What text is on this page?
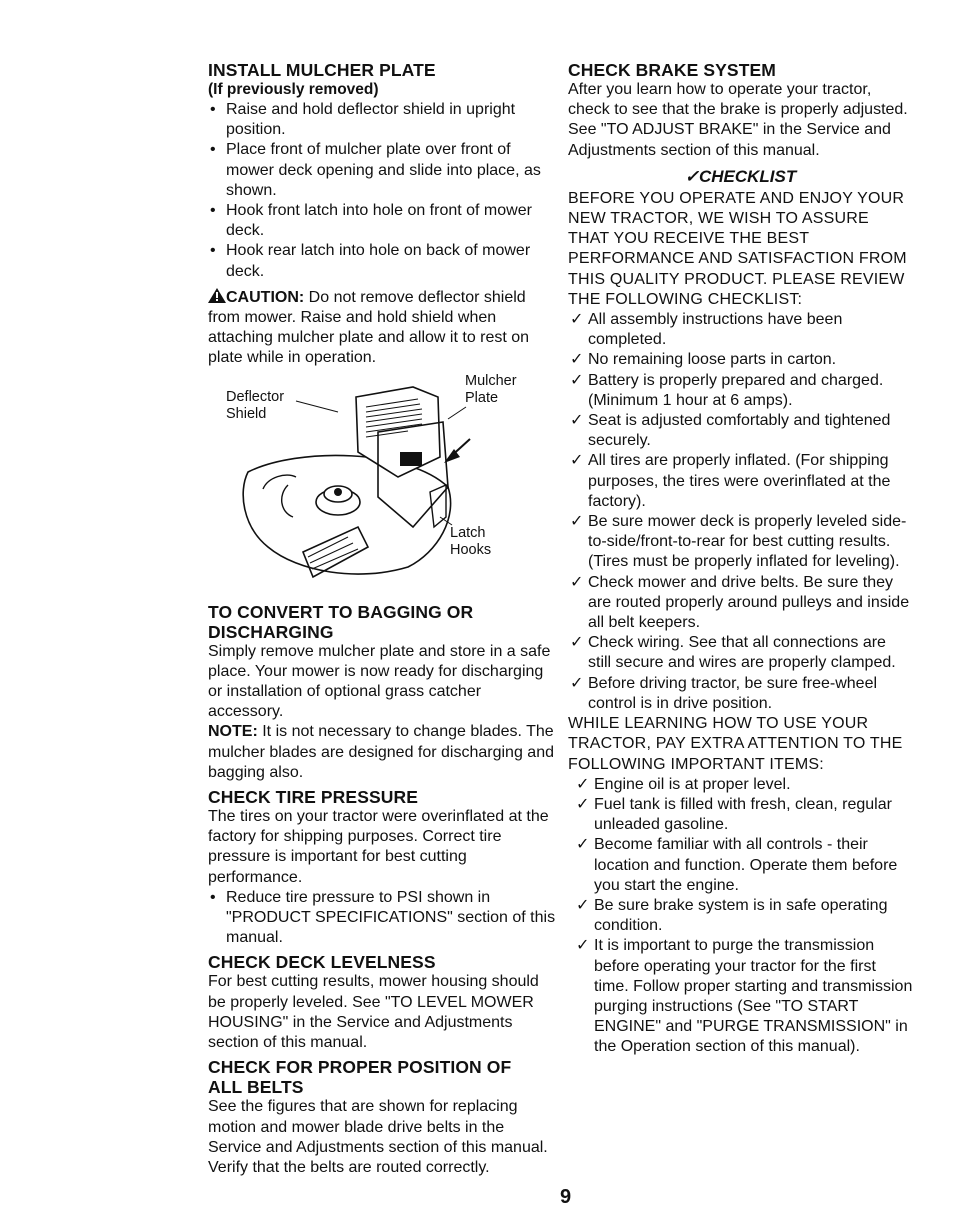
INSTALL MULCHER PLATE

(If previously removed)

• Raise and hold deflector shield in upright position.

• Place front of mulcher plate over front of mower deck opening and slide into place, as shown.

• Hook front latch into hole on front of mower deck.

• Hook rear latch into hole on back of mower deck.

CAUTION: Do not remove deflector shield from mower. Raise and hold shield when attaching mulcher plate and allow it to rest on plate while in operation.

Deflector
Shield
Mulcher
Plate
Latch
Hooks

TO CONVERT TO BAGGING OR

DISCHARGING

Simply remove mulcher plate and store in a safe place. Your mower is now ready for discharging or installation of optional grass catcher accessory.

NOTE: It is not necessary to change blades. The mulcher blades are designed for discharging and bagging also.

CHECK TIRE PRESSURE

The tires on your tractor were overinflated at the factory for shipping purposes. Correct tire pressure is important for best cutting performance.

• Reduce tire pressure to PSI shown in "PRODUCT SPECIFICATIONS" section of this manual.

CHECK DECK LEVELNESS

For best cutting results, mower housing should be properly leveled. See "TO LEVEL MOWER HOUSING" in the Service and Adjustments section of this manual.

CHECK FOR PROPER POSITION OF

ALL BELTS

See the figures that are shown for replacing motion and mower blade drive belts in the Service and Adjustments section of this manual. Verify that the belts are routed correctly.

CHECK BRAKE SYSTEM

After you learn how to operate your tractor, check to see that the brake is properly adjusted. See "TO ADJUST BRAKE" in the Service and Adjustments section of this manual.

✓CHECKLIST

BEFORE YOU OPERATE AND ENJOY YOUR NEW TRACTOR, WE WISH TO ASSURE THAT YOU RECEIVE THE BEST PERFORMANCE AND SATISFACTION FROM THIS QUALITY PRODUCT. PLEASE REVIEW THE FOLLOWING CHECKLIST:

✓ All assembly instructions have been completed.

✓ No remaining loose parts in carton.

✓ Battery is properly prepared and charged. (Minimum 1 hour at 6 amps).

✓ Seat is adjusted comfortably and tightened securely.

✓ All tires are properly inflated. (For shipping purposes, the tires were overinflated at the factory).

✓ Be sure mower deck is properly leveled side-to-side/front-to-rear for best cutting results. (Tires must be properly inflated for leveling).

✓ Check mower and drive belts. Be sure they are routed properly around pulleys and inside all belt keepers.

✓ Check wiring. See that all connections are still secure and wires are properly clamped.

✓ Before driving tractor, be sure free-wheel control is in drive position.

WHILE LEARNING HOW TO USE YOUR TRACTOR, PAY EXTRA ATTENTION TO THE FOLLOWING IMPORTANT ITEMS:

✓ Engine oil is at proper level.

✓ Fuel tank is filled with fresh, clean, regular unleaded gasoline.

✓ Become familiar with all controls - their location and function. Operate them before you start the engine.

✓ Be sure brake system is in safe operating condition.

✓ It is important to purge the transmission before operating your tractor for the first time. Follow proper starting and transmission purging instructions (See "TO START ENGINE" and "PURGE TRANSMISSION" in the Operation section of this manual).

9
